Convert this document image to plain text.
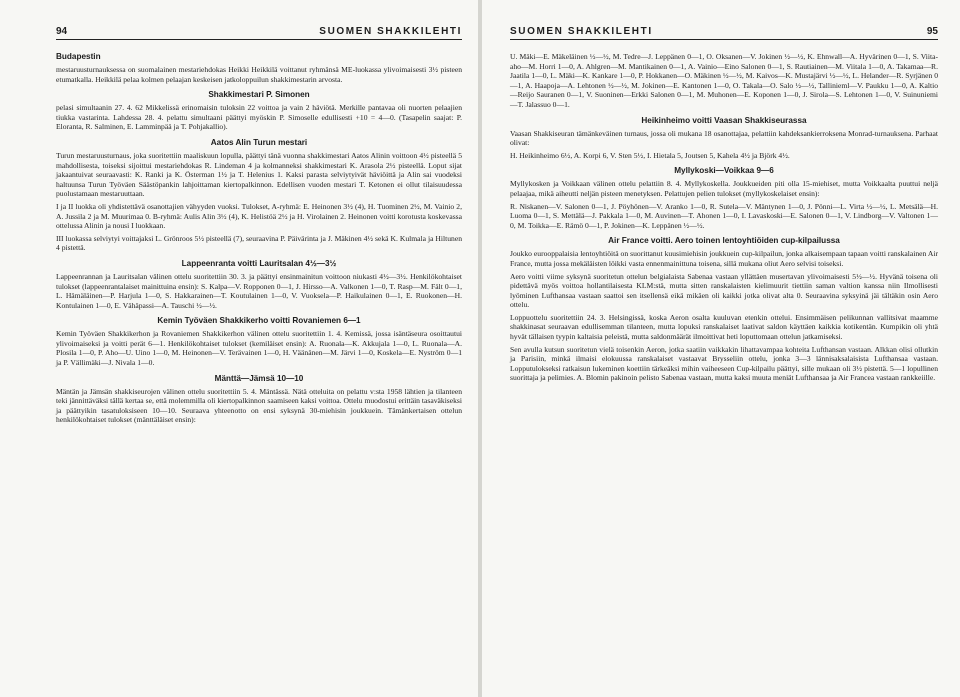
94	SUOMEN SHAKKILEHTI
Budapestin

mestaruusturnauksessa on suomalainen mestariehdokas Heikki Heikkilä voittanut ryhmänsä ME-luokassa ylivoimaisesti 3½ pisteen etumatkalla. Heikkilä pelaa kolmen pelaajan keskeisen jatkoloppuilun shakkimestarin arvosta.

Shakkimestari P. Simonen

pelasi simultaanin 27. 4. 62 Mikkelissä erinomaisin tuloksin 22 voittoa ja vain 2 häviötä. Merkille pantavaa oli nuorten pelaajien tiukka vastarinta. Lahdessa 28. 4. pelattu simultaani päättyi myöskin P. Simoselle edullisesti +10 = 4—0. (Tasapelin saajat: P. Eloranta, R. Salminen, E. Lamminpää ja T. Pohjakallio).

Aatos Alin Turun mestari

Turun mestaruusturnaus, joka suoritettiin maaliskuun lopulla, päättyi tänä vuonna shakkimestari Aatos Alinin voittoon 4½ pisteellä 5 mahdollisesta, toiseksi sijoittui mestariehdokas R. Lindeman 4 ja kolmanneksi shakkimestari K. Arasola 2½ pisteellä. Loput sijat jakaantuivat seuraavasti: K. Ranki ja K. Österman 1½ ja T. Helenius 1. Kaksi parasta selviytyivät häviöittä ja Alin sai vuodeksi haltuunsa Turun Työväen Säästöpankin lahjoittaman kiertopalkinnon. Edellisen vuoden mestari T. Ketonen ei ollut tilaisuudessa puolustamaan mestaruuttaan.

I ja II luokka oli yhdistettävä osanottajien vähyyden vuoksi. Tulokset, A-ryhmä: E. Heinonen 3½ (4), H. Tuominen 2½, M. Vainio 2, A. Jussila 2 ja M. Muurimaa 0. B-ryhmä: Aulis Alin 3½ (4), K. Helistöä 2½ ja H. Virolainen 2. Heinonen voitti korotusta koskevassa ottelussa Alinin ja nousi I luokkaan.

III luokassa selviytyi voittajaksi L. Grönroos 5½ pisteellä (7), seuraavina P. Päivärinta ja J. Mäkinen 4½ sekä K. Kulmala ja Hiltunen 4 pistettä.

Lappeenranta voitti Lauritsalan 4½—3½

Lappeenrannan ja Lauritsalan välinen ottelu suoritettiin 30. 3. ja päättyi ensinmainitun voittoon niukasti 4½—3½. Henkilökohtaiset tulokset (lappeenrantalaiset mainittuina ensin): S. Kalpa—V. Ropponen 0—1, J. Hirsso—A. Valkonen 1—0, T. Rasp—M. Fält 0—1, L. Hämäläinen—P. Harjula 1—0, S. Hakkarainen—T. Koutulainen 1—0, V. Vuoksela—P. Haikulainen 0—1, E. Ruokonen—H. Kontulainen 1—0, E. Vähäpassi—A. Tauschi ½—½.

Kemin Työväen Shakkikerho voitti Rovaniemen 6—1

Kemin Työväen Shakkikerhon ja Rovaniemen Shakkikerhon välinen ottelu suoritettiin 1. 4. Kemissä, jossa isäntäseura osoittautui ylivoimaiseksi ja voitti perät 6—1. Henkilökohtaiset tulokset (kemiläiset ensin): A. Ruonala—K. Akkujala 1—0, L. Ruonala—A. Plosila 1—0, P. Aho—U. Uino 1—0, M. Heinonen—V. Terävainen 1—0, H. Väänänen—M. Järvi 1—0, Koskela—E. Nyström 0—1 ja P. Vällimäki—J. Nivala 1—0.

Mänttä—Jämsä 10—10

Mäntän ja Jämsän shakkiseurojen välinen ottelu suoritettiin 5. 4. Mäntässä. Nätä otteluita on pelattu v:sta 1958 lähtien ja tilanteen teki jännittäväksi tällä kertaa se, että molemmilla oli kiertopalkinnon saamiseen kaksi voittoa. Ottelu muodostui erittäin tasaväkiseksi ja päättyikin tasatuloksiseen 10—10. Seuraava yhteenotto on ensi syksynä 30-miehisin joukkuein. Tämänkertaisen ottelun henkilökohtaiset tulokset (mänttäläiset ensin):

SUOMEN SHAKKILEHTI	95

U. Mäki—E. Mäkeläinen ½—½, M. Tedre—J. Leppänen 0—1, O. Oksanen—V. Jokinen ½—½, K. Ehnwall—A. Hyvärinen 0—1, S. Viita-aho—M. Horri 1—0, A. Ahlgren—M. Mantikainen 0—1, A. Vainio—Eino Salonen 0—1, S. Rautiainen—M. Viitala 1—0, A. Takamaa—R. Jaatila 1—0, L. Mäki—K. Kankare 1—0, P. Hokkanen—O. Mäkinen ½—½, M. Kaivos—K. Mustajärvi ½—½, L. Helander—R. Syrjänen 0—1, A. Haapoja—A. Lehtonen ½—½, M. Jokinen—E. Kantonen 1—0, O. Takala—O. Salo ½—½, Tallinieml—V. Paukku 1—0, A. Kaltio—Reijo Sauranen 0—1, V. Suoninen—Erkki Salonen 0—1, M. Muhonen—E. Koponen 1—0, J. Sirola—S. Lehtonen 1—0, V. Suinuniemi—T. Jalassuo 0—1.

Heikinheimo voitti Vaasan Shakkiseurassa

Vaasan Shakkiseuran tämänkeväinen turnaus, jossa oli mukana 18 osanottajaa, pelattiin kahdeksankierroksena Monrad-turnauksena. Parhaat olivat:

H. Heikinheimo 6½, A. Korpi 6, V. Sten 5½, I. Hietala 5, Joutsen 5, Kahela 4½ ja Björk 4½.

Myllykoski—Voikkaa 9—6

Myllykosken ja Voikkaan välinen ottelu pelattiin 8. 4. Myllykoskella. Joukkueiden piti olla 15-miehiset, mutta Voikkaalta puuttui neljä pelaajaa, mikä aiheutti neljän pisteen menetyksen. Pelattujen pelien tulokset (myllykoskelaiset ensin):

R. Niskanen—V. Salonen 0—1, J. Pöyhönen—V. Aranko 1—0, R. Sutela—V. Mäntynen 1—0, J. Pönni—L. Virta ½—½, L. Metsälä—H. Luoma 0—1, S. Mettälä—J. Pakkala 1—0, M. Auvinen—T. Ahonen 1—0, I. Lavaskoski—E. Salonen 0—1, V. Lindborg—V. Valtonen 1—0, M. Toikka—E. Rämö 0—1, P. Jokinen—K. Leppänen ½—½.

Air France voitti. Aero toinen lentoyhtiöiden cup-kilpailussa

Joukko eurooppalaisia lentoyhtiöitä on suorittanut kuusimiehisin joukkuein cup-kilpailun, jonka alkaisempaan tapaan voitti ranskalainen Air France, mutta jossa mekäläisten löikki vasta ennenmainittuna toisena, sillä mukana oliut Aero selvisi toiseksi.

Aero voitti viime syksynä suoritetun ottelun belgialaista Sabenaa vastaan yllättäen musertavan ylivoimaisesti 5½—½. Hyvänä toisena oli pidettävä myös voittoa hollantilaisesta KLM:stä, mutta sitten ranskalaisten kielimuurit tiettiin saman valtion kanssa niin Ilmollisesti lyöminen Lufthansaa vastaan saattoi sen itsellensä eikä mikäen oli kaikki jotka olivat alta 0. Seuraavina syksyinä jäi tältäkin osin Aero ottelu.

Loppuottelu suoritettiin 24. 3. Helsingissä, koska Aeron osalta kuuluvan etenkin ottelui. Ensimmäisen pelikunnan vallitsivat maamme shakkinasat seuraavan edullisemman tilanteen, mutta lopuksi ranskalaiset laativat saldon käyttäen kaikkia kotikentän. Kumpikin oli yhtä hyvät tällaisen tyypin kaltaisia peleistä, mutta saldonmäärät ilmoittivat heti loputtomaan ottelun jatkamiseksi.

Sen avulla kutsun suoritetun vielä toisenkin Aeron, jotka saatiin vaikkakin lihattavampaa kohteita Lufthansan vastaan. Alkkan olisi ollutkin ja Parisiin, minkä ilmaisi elokuussa ranskalaiset vastaavat Brysseliin ottelu, jonka 3—3 lännisaksalaisista Lufthansaa vastaan. Lopputulokseksi ratkaisun lukeminen koettiin tärkeäksi mihin vaiheeseen Cup-kilpailu päättyi, sille mukaan oli 3½ pistettä. 5—1 lopullinen suorittaja ja pelimies. A. Blomin pakinoin pelisto Sabenaa vastaan, mutta kaksi muuta meniät Lufthansaa ja Air Francea vastaan rankkeiille.
